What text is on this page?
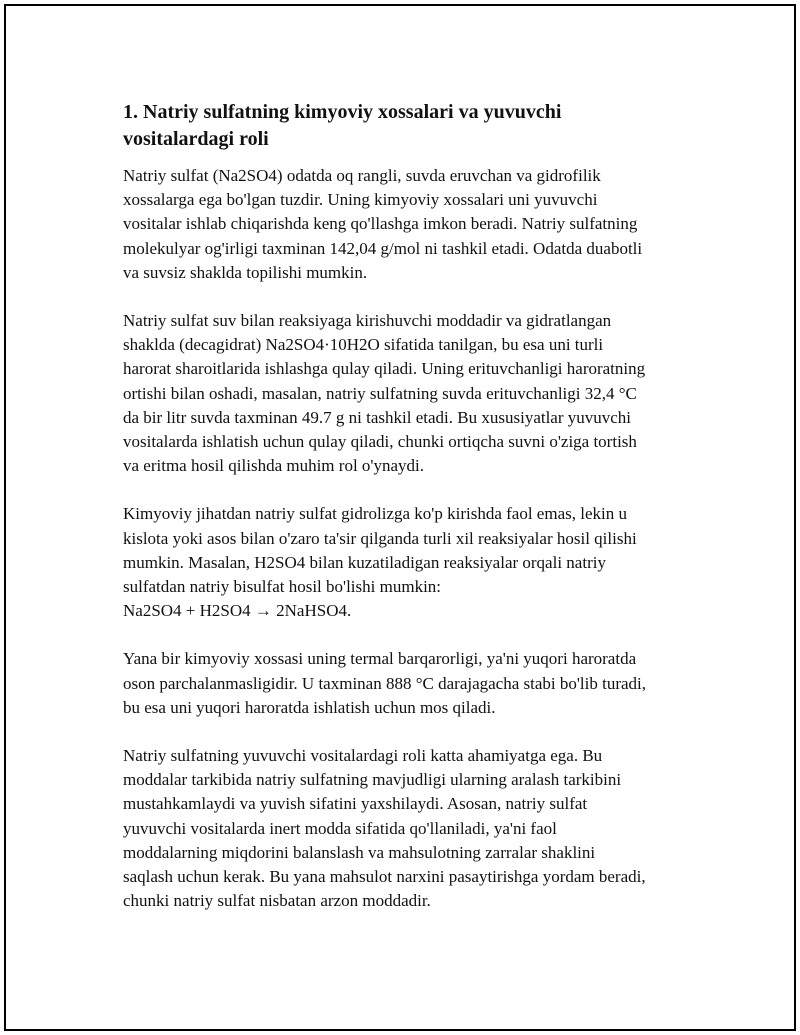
1. Natriy sulfatning kimyoviy xossalari va yuvuvchi
vositalardagi roli

Natriy sulfat (Na2SO4) odatda oq rangli, suvda eruvchan va gidrofilik
xossalarga ega bo'lgan tuzdir. Uning kimyoviy xossalari uni yuvuvchi
vositalar ishlab chiqarishda keng qo'llashga imkon beradi. Natriy sulfatning
molekulyar og'irligi taxminan 142,04 g/mol ni tashkil etadi. Odatda duabotli
va suvsiz shaklda topilishi mumkin.

Natriy sulfat suv bilan reaksiyaga kirishuvchi moddadir va gidratlangan
shaklda (decagidrat) Na2SO4·10H2O sifatida tanilgan, bu esa uni turli
harorat sharoitlarida ishlashga qulay qiladi. Uning erituvchanligi haroratning
ortishi bilan oshadi, masalan, natriy sulfatning suvda erituvchanligi 32,4 °C
da bir litr suvda taxminan 49.7 g ni tashkil etadi. Bu xususiyatlar yuvuvchi
vositalarda ishlatish uchun qulay qiladi, chunki ortiqcha suvni o'ziga tortish
va eritma hosil qilishda muhim rol o'ynaydi.

Kimyoviy jihatdan natriy sulfat gidrolizga ko'p kirishda faol emas, lekin u
kislota yoki asos bilan o'zaro ta'sir qilganda turli xil reaksiyalar hosil qilishi
mumkin. Masalan, H2SO4 bilan kuzatiladigan reaksiyalar orqali natriy
sulfatdan natriy bisulfat hosil bo'lishi mumkin:
Na2SO4 + H2SO4 → 2NaHSO4.

Yana bir kimyoviy xossasi uning termal barqarorligi, ya'ni yuqori haroratda
oson parchalanmasligidir. U taxminan 888 °C darajagacha stabi bo'lib turadi,
bu esa uni yuqori haroratda ishlatish uchun mos qiladi.

Natriy sulfatning yuvuvchi vositalardagi roli katta ahamiyatga ega. Bu
moddalar tarkibida natriy sulfatning mavjudligi ularning aralash tarkibini
mustahkamlaydi va yuvish sifatini yaxshilaydi. Asosan, natriy sulfat
yuvuvchi vositalarda inert modda sifatida qo'llaniladi, ya'ni faol
moddalarning miqdorini balanslash va mahsulotning zarralar shaklini
saqlash uchun kerak. Bu yana mahsulot narxini pasaytirishga yordam beradi,
chunki natriy sulfat nisbatan arzon moddadir.
